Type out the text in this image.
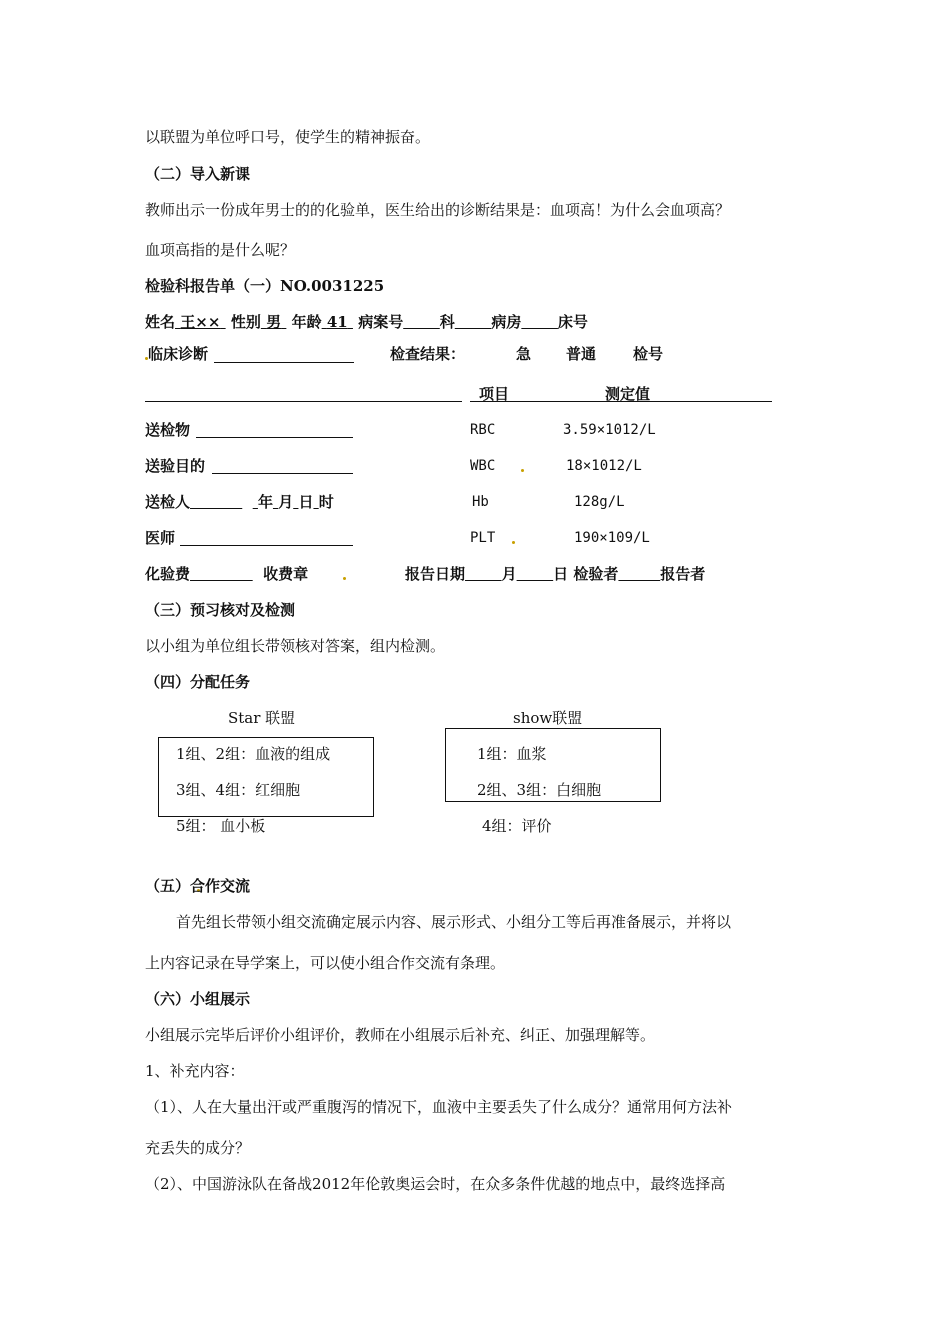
以联盟为单位呼口号，使学生的精神振奋。
（二）导入新课
教师出示一份成年男士的的化验单，医生给出的诊断结果是：血项高！为什么会血项高？
血项高指的是什么呢？
检验科报告单（一）NO.0031225
姓名 王×× 性别 男 年龄 41 病案号 科 病房 床号
临床诊断	检查结果：	急 普通 检号
项目	测定值
送检物	RBC	3.59×1012/L
送验目的	WBC	18×1012/L
送检人	年 月 日 时	Hb	128g/L
医师	PLT	190×109/L
化验费	收费章	报告日期 月 日 检验者	报告者
（三）预习核对及检测
以小组为单位组长带领核对答案，组内检测。
（四）分配任务
Star 联盟
1组、2组：血液的组成
3组、4组：红细胞
5组： 血小板
show联盟
1组：血浆
2组、3组：白细胞
4组：评价
（五）合作交流
首先组长带领小组交流确定展示内容、展示形式、小组分工等后再准备展示，并将以
上内容记录在导学案上，可以使小组合作交流有条理。
（六）小组展示
小组展示完毕后评价小组评价，教师在小组展示后补充、纠正、加强理解等。
1、补充内容：
（1）、人在大量出汗或严重腹泻的情况下，血液中主要丢失了什么成分？通常用何方法补
充丢失的成分？
（2）、中国游泳队在备战2012年伦敦奥运会时，在众多条件优越的地点中，最终选择高
